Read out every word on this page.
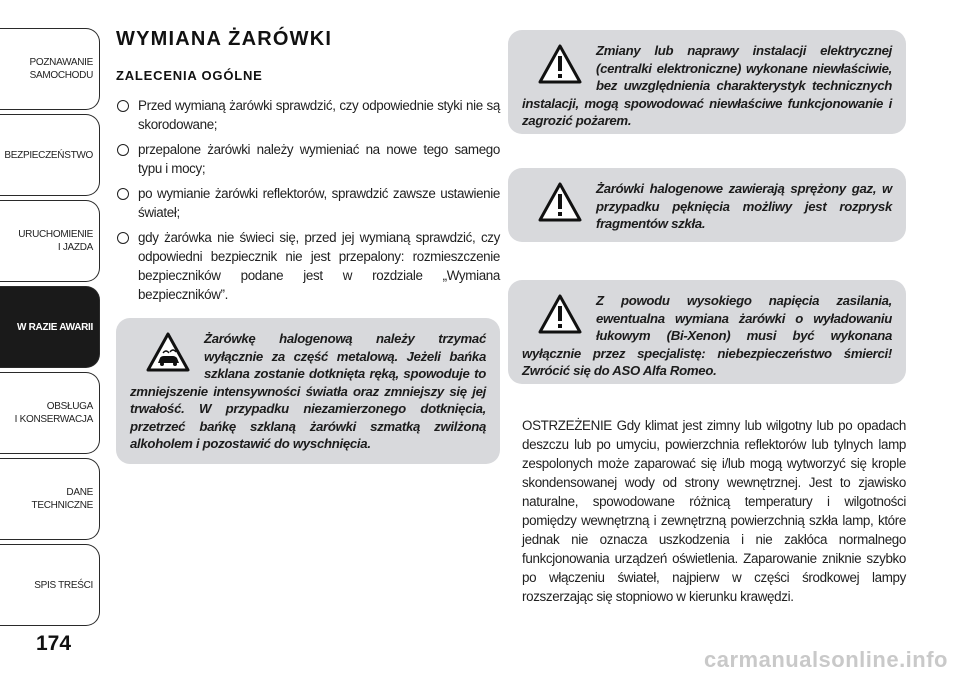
POZNAWANIE
SAMOCHODU
BEZPIECZEŃSTWO
URUCHOMIENIE
I JAZDA
W RAZIE AWARII
OBSŁUGA
I KONSERWACJA
DANE
TECHNICZNE
SPIS TREŚCI
174
WYMIANA ŻARÓWKI
ZALECENIA OGÓLNE
Przed wymianą żarówki sprawdzić, czy odpowiednie styki nie są skorodowane;
przepalone żarówki należy wymieniać na nowe tego samego typu i mocy;
po wymianie żarówki reflektorów, sprawdzić zawsze ustawienie świateł;
gdy żarówka nie świeci się, przed jej wymianą sprawdzić, czy odpowiedni bezpiecznik nie jest przepalony: rozmieszczenie bezpieczników podane jest w rozdziale „Wymiana bezpieczników”.
Żarówkę halogenową należy trzymać wyłącznie za część metalową. Jeżeli bańka szklana zostanie dotknięta ręką, spowoduje to zmniejszenie intensywności światła oraz zmniejszy się jej trwałość. W przypadku niezamierzonego dotknięcia, przetrzeć bańkę szklaną żarówki szmatką zwilżoną alkoholem i pozostawić do wyschnięcia.
Zmiany lub naprawy instalacji elektrycznej (centralki elektroniczne) wykonane niewłaściwie, bez uwzględnienia charakterystyk technicznych instalacji, mogą spowodować niewłaściwe funkcjonowanie i zagrozić pożarem.
Żarówki halogenowe zawierają sprężony gaz, w przypadku pęknięcia możliwy jest rozprysk fragmentów szkła.
Z powodu wysokiego napięcia zasilania, ewentualna wymiana żarówki o wyładowaniu łukowym (Bi-Xenon) musi być wykonana wyłącznie przez specjalistę: niebezpieczeństwo śmierci! Zwrócić się do ASO Alfa Romeo.

OSTRZEŻENIE Gdy klimat jest zimny lub wilgotny lub po opadach deszczu lub po umyciu, powierzchnia reflektorów lub tylnych lamp zespolonych może zaparować się i/lub mogą wytworzyć się krople skondensowanej wody od strony wewnętrznej. Jest to zjawisko naturalne, spowodowane różnicą temperatury i wilgotności pomiędzy wewnętrzną i zewnętrzną powierzchnią szkła lamp, które jednak nie oznacza uszkodzenia i nie zakłóca normalnego funkcjonowania urządzeń oświetlenia. Zaparowanie zniknie szybko po włączeniu świateł, najpierw w części środkowej lampy rozszerzając się stopniowo w kierunku krawędzi.

carmanualsonline.info
